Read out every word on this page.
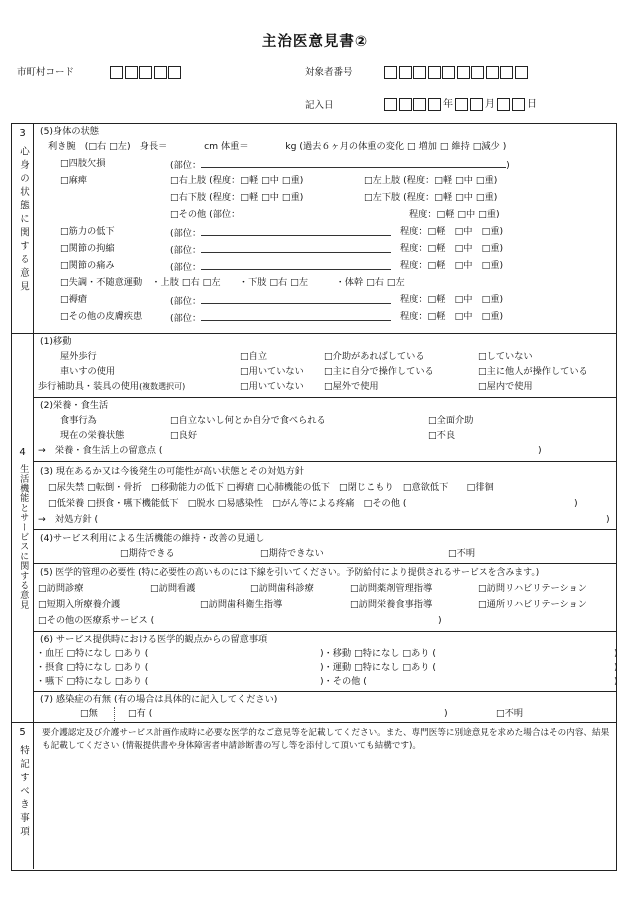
主治医意見書②
市町村コード	対象者番号
記入日	年	月	日
3
心身の状態に関する意見
(5)身体の状態
利き腕　(□右 □左)　身長＝　　　　cm 体重＝　　　　kg (過去６ヶ月の体重の変化 □ 増加 □ 維持 □減少 )
□四肢欠損	(部位：	)
□麻痺	□右上肢 (程度：□軽 □中 □重)	□左上肢 (程度：□軽 □中 □重)
□右下肢 (程度：□軽 □中 □重)	□左下肢 (程度：□軽 □中 □重)
□その他 (部位：	程度：□軽 □中 □重)
□筋力の低下	(部位：	程度：□軽　□中　□重)
□関節の拘縮	(部位：	程度：□軽　□中　□重)
□関節の痛み	(部位：	程度：□軽　□中　□重)
□失調・不随意運動　・上肢 □右 □左　　・下肢 □右 □左　　　・体幹 □右 □左
□褥瘡	(部位：	程度：□軽　□中　□重)
□その他の皮膚疾患	(部位：	程度：□軽　□中　□重)
4
生活機能とサービスに関する意見
(1)移動
屋外歩行	□自立	□介助があればしている	□していない
車いすの使用	□用いていない □主に自分で操作している	□主に他人が操作している
歩行補助具・装具の使用(複数選択可)	□用いていない □屋外で使用	□屋内で使用
(2)栄養・食生活
食事行為	□自立ないし何とか自分で食べられる	□全面介助
現在の栄養状態	□良好	□不良
→　栄養・食生活上の留意点 (	)
(3) 現在あるか又は今後発生の可能性が高い状態とその対処方針
□尿失禁 □転倒・骨折　□移動能力の低下 □褥瘡 □心肺機能の低下　□閉じこもり　□意欲低下　　□徘徊
□低栄養 □摂食・嚥下機能低下　□脱水 □易感染性　□がん等による疼痛　□その他 (	)
→　対処方針 (	)
(4)サービス利用による生活機能の維持・改善の見通し
□期待できる	□期待できない	□不明
(5) 医学的管理の必要性 (特に必要性の高いものには下線を引いてください。予防給付により提供されるサービスを含みます。)
□訪問診療	□訪問看護	□訪問歯科診療	□訪問薬剤管理指導	□訪問リハビリテーション
□短期入所療養介護	□訪問歯科衛生指導	□訪問栄養食事指導	□通所リハビリテーション
□その他の医療系サービス (	)
(6) サービス提供時における医学的観点からの留意事項
・血圧 □特になし □あり (	)・移動 □特になし □あり (	)
・摂食 □特になし □あり (	)・運動 □特になし □あり (	)
・嚥下 □特になし □あり (	)・その他 (	)
(7) 感染症の有無 (有の場合は具体的に記入してください)
□無	□有 (	)	□不明
5
特記すべき事項
要介護認定及び介護サービス計画作成時に必要な医学的なご意見等を記載してください。また、専門医等に別途意見を求めた場合はその内容、結果も記載してください (情報提供書や身体障害者申請診断書の写し等を添付して頂いても結構です)。
